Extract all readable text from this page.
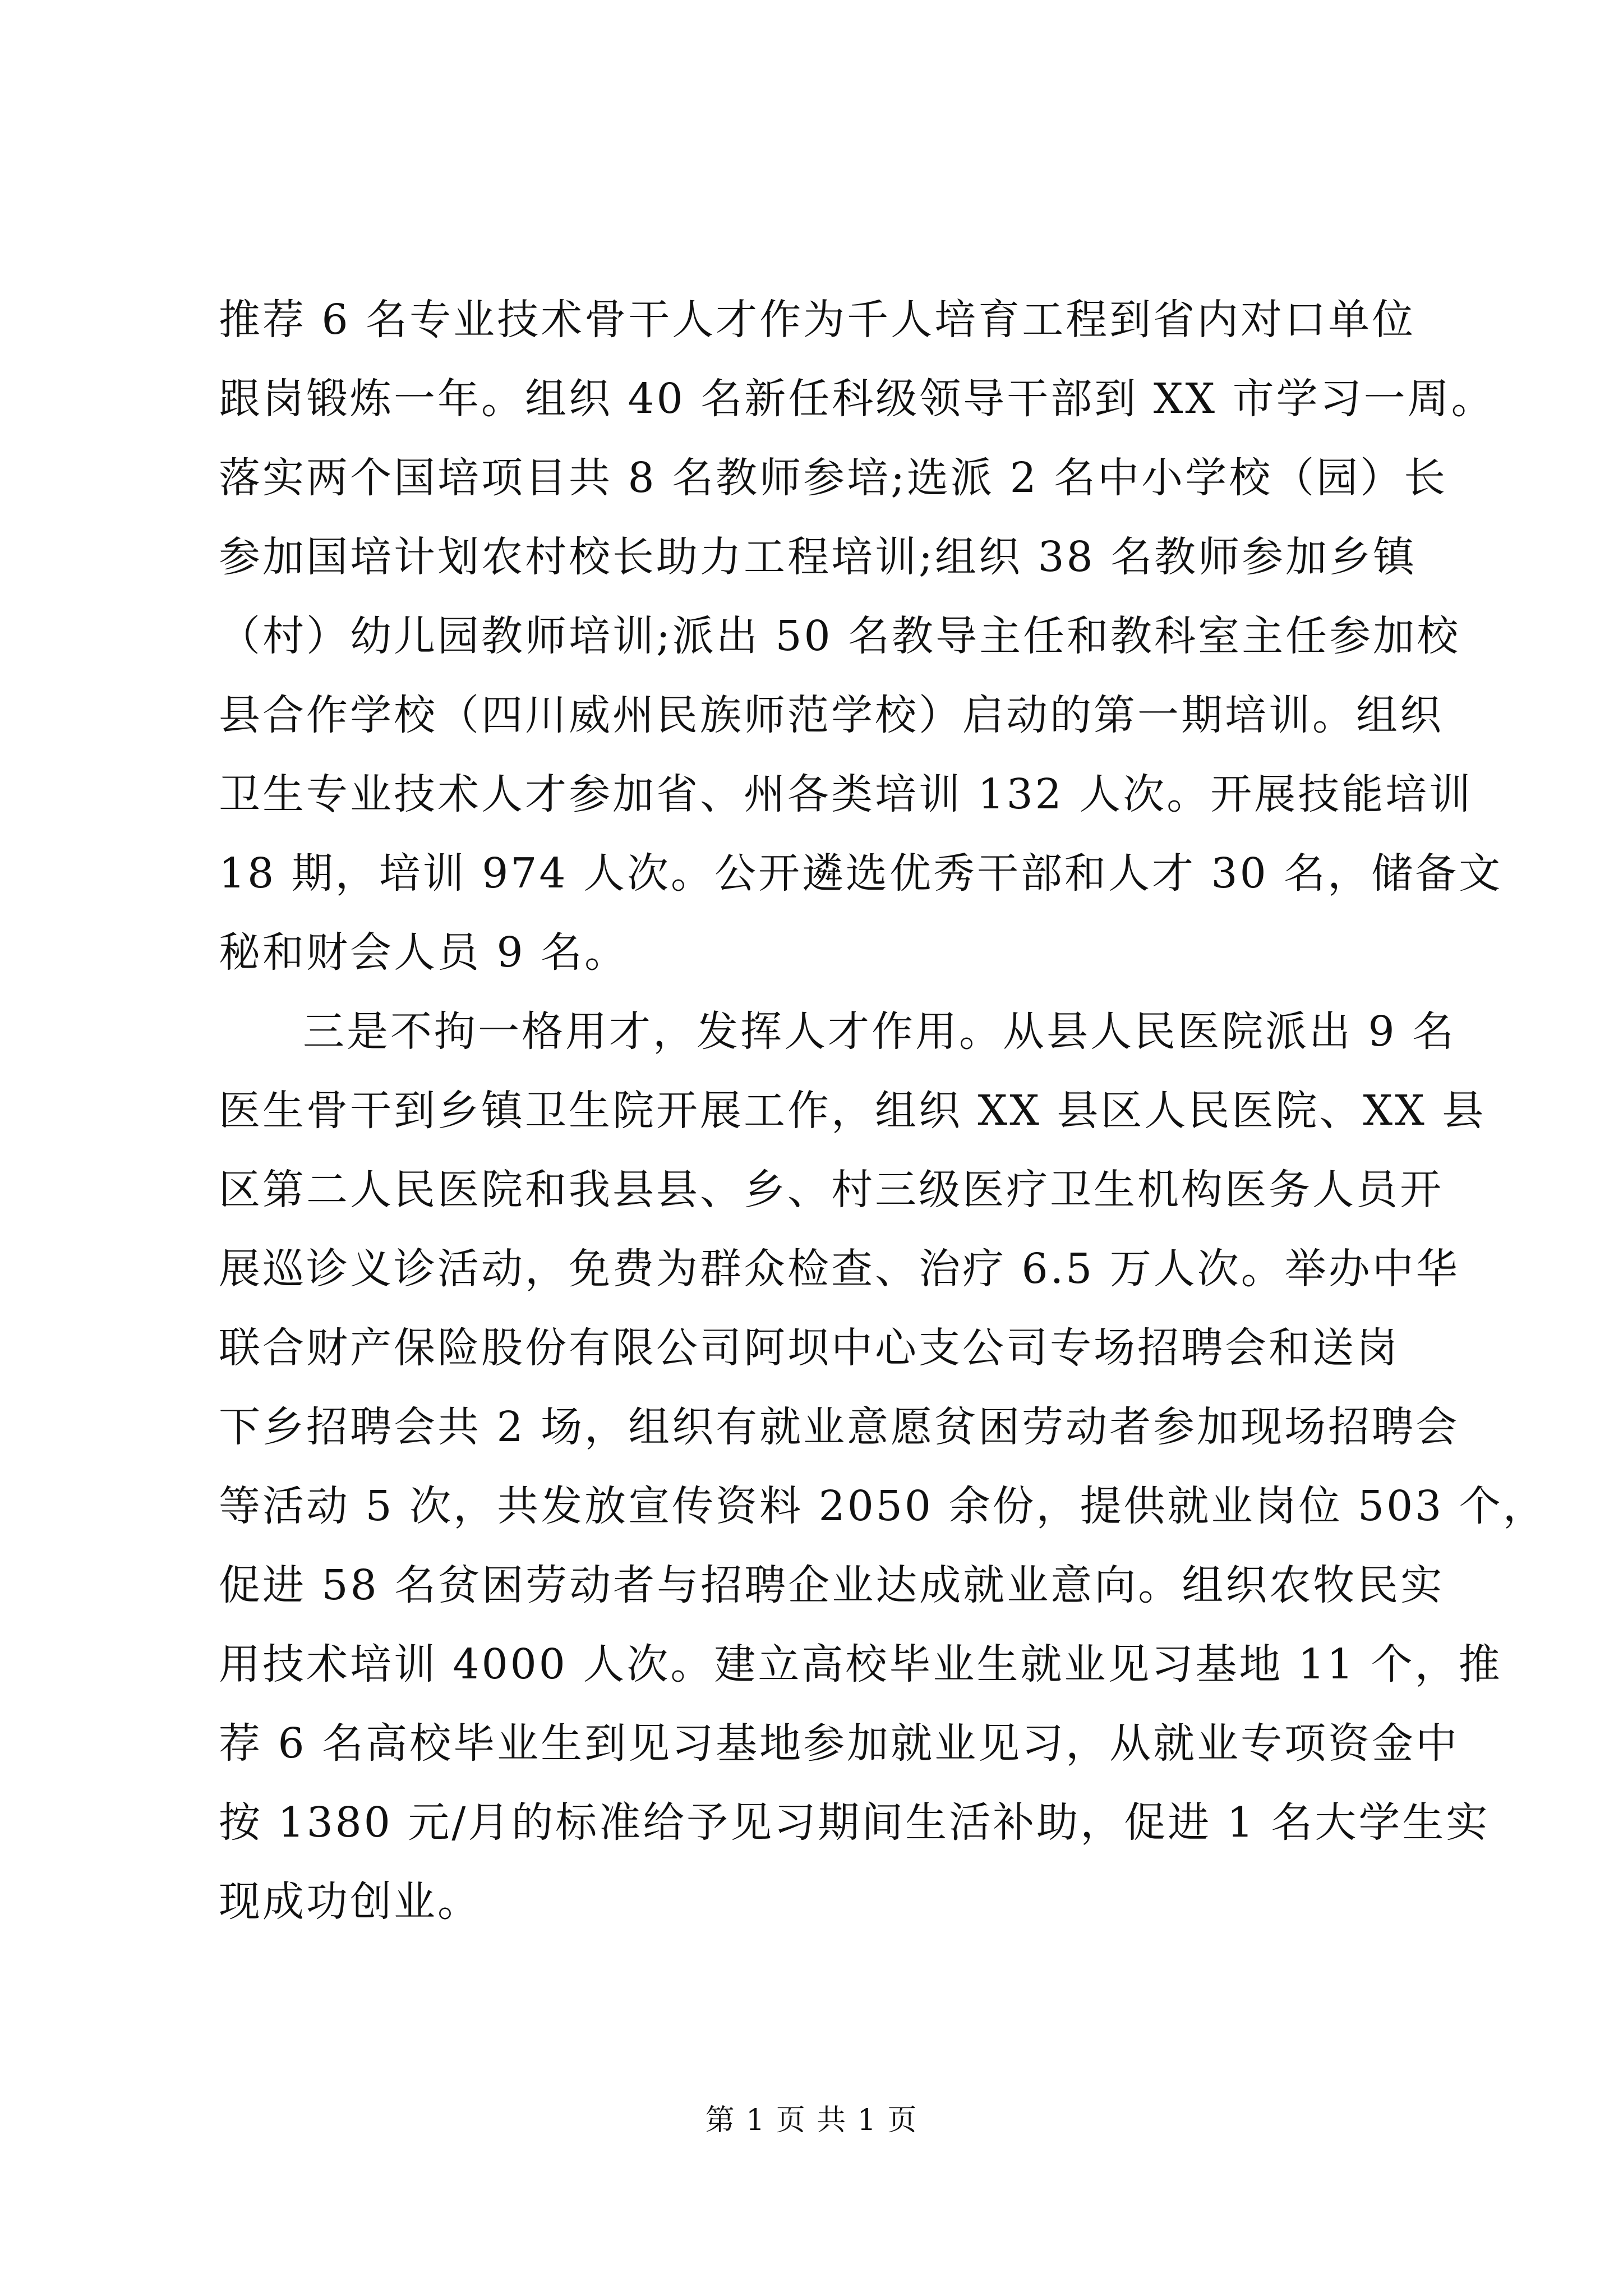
推荐 6 名专业技术骨干人才作为千人培育工程到省内对口单位
跟岗锻炼一年。组织 40 名新任科级领导干部到 XX 市学习一周。
落实两个国培项目共 8 名教师参培;选派 2 名中小学校（园）长
参加国培计划农村校长助力工程培训;组织 38 名教师参加乡镇
（村）幼儿园教师培训;派出 50 名教导主任和教科室主任参加校
县合作学校（四川威州民族师范学校）启动的第一期培训。组织
卫生专业技术人才参加省、州各类培训 132 人次。开展技能培训
18 期，培训 974 人次。公开遴选优秀干部和人才 30 名，储备文
秘和财会人员 9 名。
三是不拘一格用才，发挥人才作用。从县人民医院派出 9 名
医生骨干到乡镇卫生院开展工作，组织 XX 县区人民医院、XX 县
区第二人民医院和我县县、乡、村三级医疗卫生机构医务人员开
展巡诊义诊活动，免费为群众检查、治疗 6.5 万人次。举办中华
联合财产保险股份有限公司阿坝中心支公司专场招聘会和送岗
下乡招聘会共 2 场，组织有就业意愿贫困劳动者参加现场招聘会
等活动 5 次，共发放宣传资料 2050 余份，提供就业岗位 503 个，
促进 58 名贫困劳动者与招聘企业达成就业意向。组织农牧民实
用技术培训 4000 人次。建立高校毕业生就业见习基地 11 个，推
荐 6 名高校毕业生到见习基地参加就业见习，从就业专项资金中
按 1380 元/月的标准给予见习期间生活补助，促进 1 名大学生实
现成功创业。
第 1 页 共 1 页
